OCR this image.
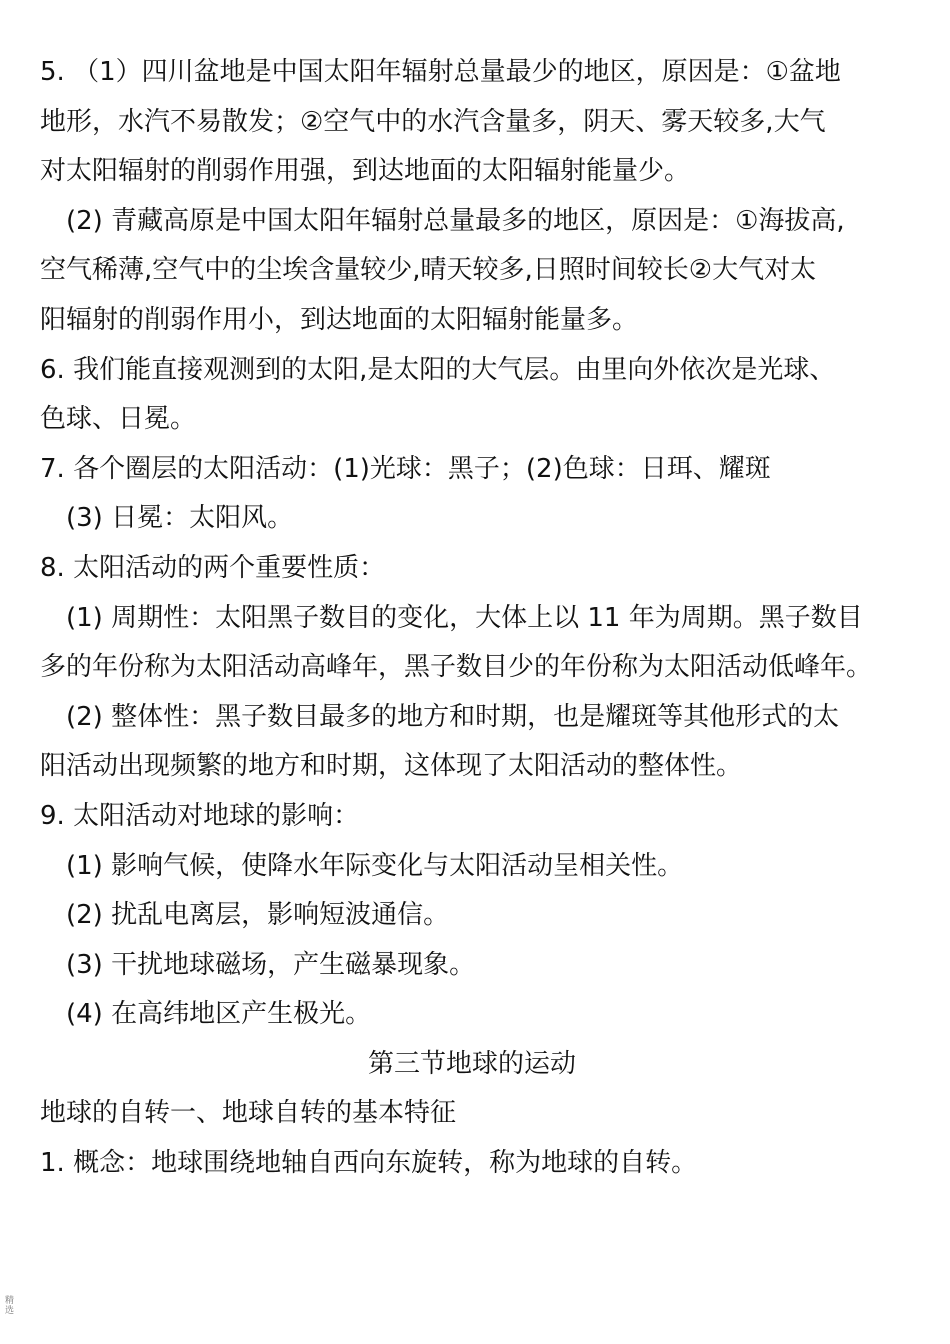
5. （1）四川盆地是中国太阳年辐射总量最少的地区，原因是：①盆地
地形，水汽不易散发；②空气中的水汽含量多，阴天、雾天较多,大气
对太阳辐射的削弱作用强，到达地面的太阳辐射能量少。
(2) 青藏高原是中国太阳年辐射总量最多的地区，原因是：①海拔高,
空气稀薄,空气中的尘埃含量较少,晴天较多,日照时间较长②大气对太
阳辐射的削弱作用小，到达地面的太阳辐射能量多。
6. 我们能直接观测到的太阳,是太阳的大气层。由里向外依次是光球、
色球、日冕。
7. 各个圈层的太阳活动：(1)光球：黑子；(2)色球：日珥、耀斑
(3) 日冕：太阳风。
8. 太阳活动的两个重要性质：
(1) 周期性：太阳黑子数目的变化，大体上以 11 年为周期。黑子数目
多的年份称为太阳活动高峰年，黑子数目少的年份称为太阳活动低峰年。
(2) 整体性：黑子数目最多的地方和时期，也是耀斑等其他形式的太
阳活动出现频繁的地方和时期，这体现了太阳活动的整体性。
9. 太阳活动对地球的影响：
(1) 影响气候，使降水年际变化与太阳活动呈相关性。
(2) 扰乱电离层，影响短波通信。
(3) 干扰地球磁场，产生磁暴现象。
(4) 在高纬地区产生极光。
第三节地球的运动
地球的自转一、地球自转的基本特征
1. 概念：地球围绕地轴自西向东旋转，称为地球的自转。
精选
